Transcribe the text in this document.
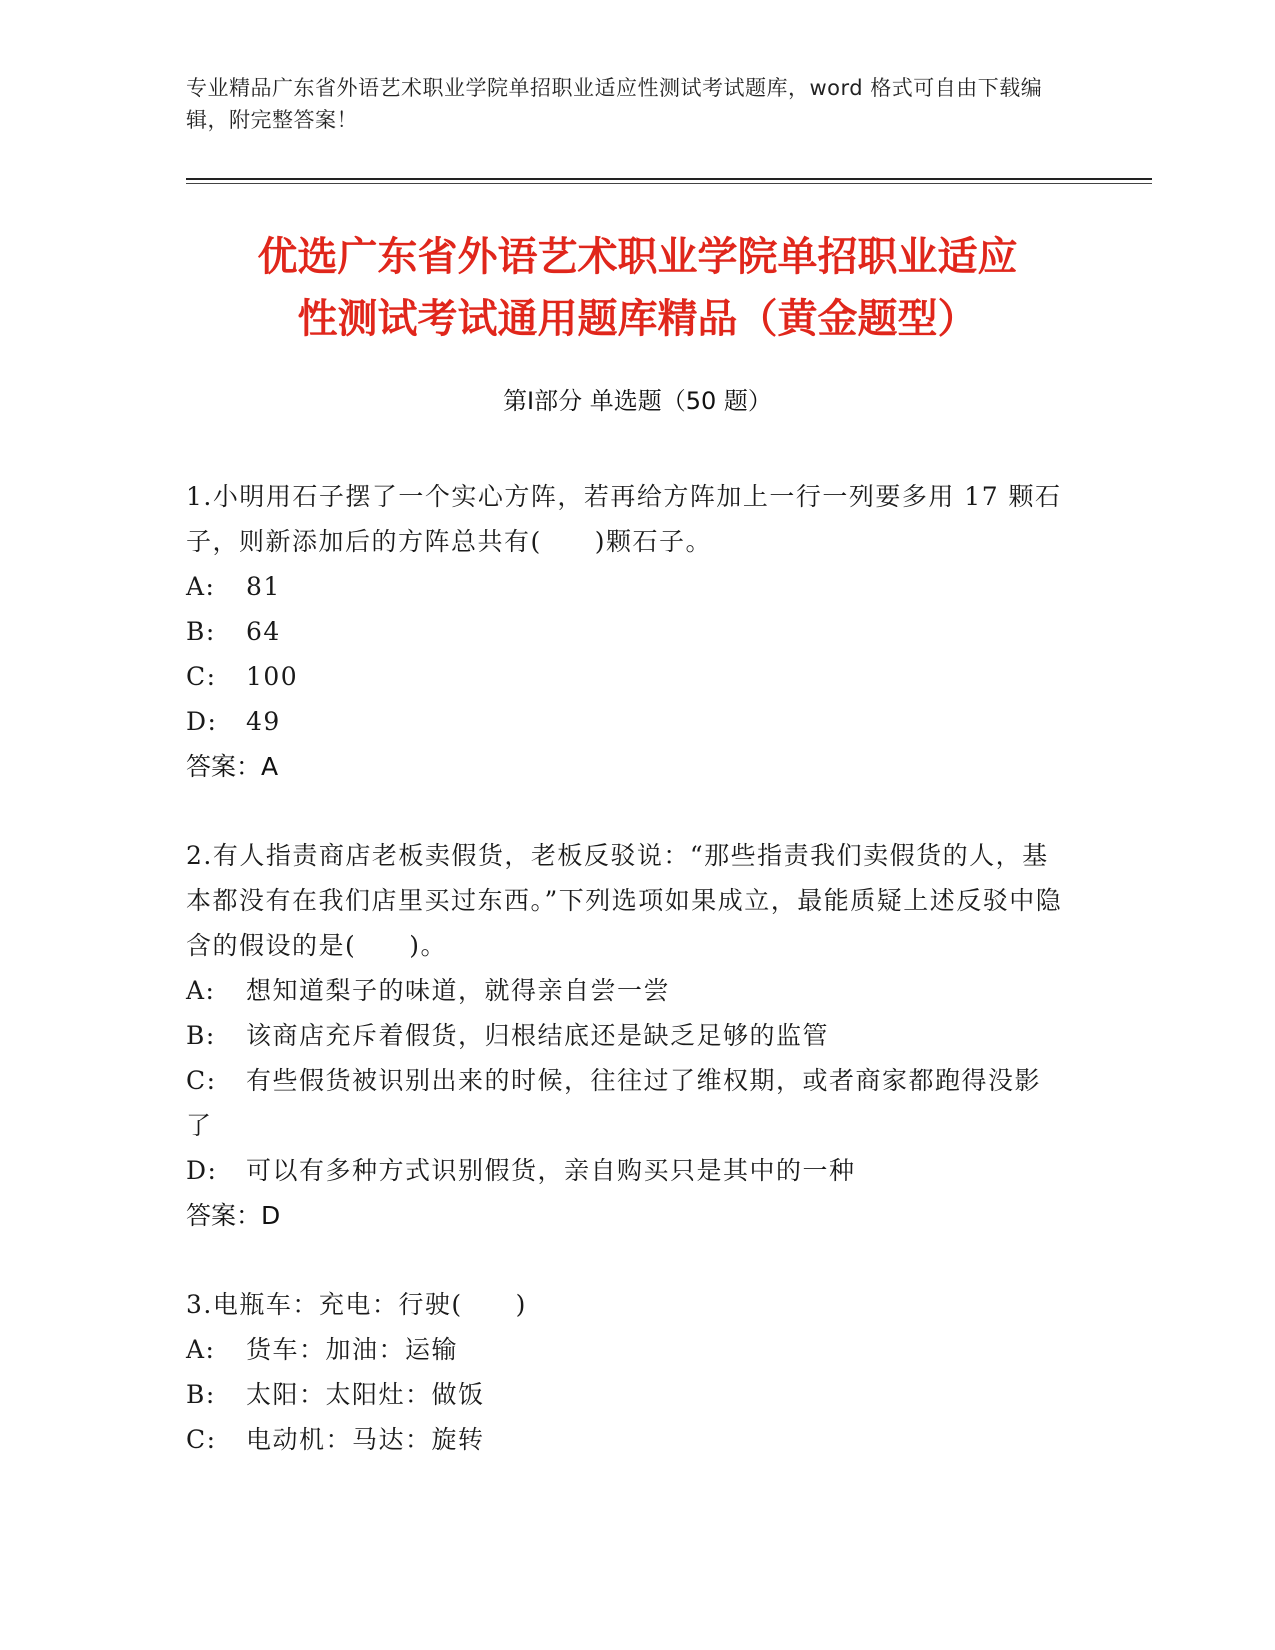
专业精品广东省外语艺术职业学院单招职业适应性测试考试题库，word 格式可自由下载编辑，附完整答案！
优选广东省外语艺术职业学院单招职业适应
性测试考试通用题库精品（黄金题型）
第Ⅰ部分 单选题（50 题）
1.小明用石子摆了一个实心方阵，若再给方阵加上一行一列要多用 17 颗石子，则新添加后的方阵总共有(　　)颗石子。
A:	81
B:	64
C:	100
D:	49
答案：A
2.有人指责商店老板卖假货，老板反驳说：“那些指责我们卖假货的人，基本都没有在我们店里买过东西。”下列选项如果成立，最能质疑上述反驳中隐含的假设的是(　　)。
A:	想知道梨子的味道，就得亲自尝一尝
B:	该商店充斥着假货，归根结底还是缺乏足够的监管
C: 有些假货被识别出来的时候，往往过了维权期，或者商家都跑得没影了
D:	可以有多种方式识别假货，亲自购买只是其中的一种
答案：D
3.电瓶车：充电：行驶(　　)
A:	货车：加油：运输
B:	太阳：太阳灶：做饭
C:	电动机：马达：旋转
